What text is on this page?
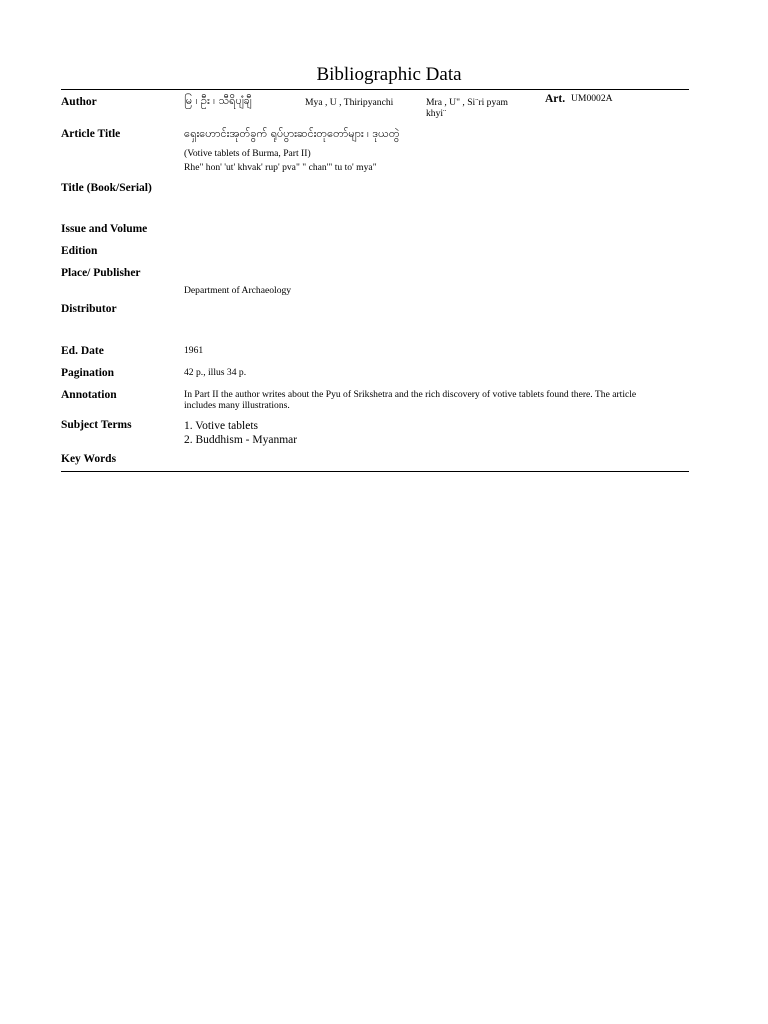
Bibliographic Data
Author	မြ ၊ ဦး ၊ သီရိပျံချီ	Mya , U , Thiripyanchi	Mra , U" , Si¨ri pyam
khyi¨
Art. UM0002A
Article Title	ရှေးဟောင်းအုတ်ခွက် ရုပ်ပွားဆင်းတုတော်များ ၊ ဒုယတွဲ
(Votive tablets of Burma, Part II)
Rhe" hon' 'ut' khvak' rup' pva" " chan'" tu to' mya"
Title (Book/Serial)
Issue and Volume
Edition
Place/ Publisher
Department of Archaeology
Distributor
Ed. Date	1961
Pagination	42 p., illus 34 p.
Annotation	In Part II the author writes about the Pyu of Srikshetra and the rich discovery of votive tablets found there. The article
includes many illustrations.
Subject Terms	1. Votive tablets
2. Buddhism - Myanmar
Key Words
